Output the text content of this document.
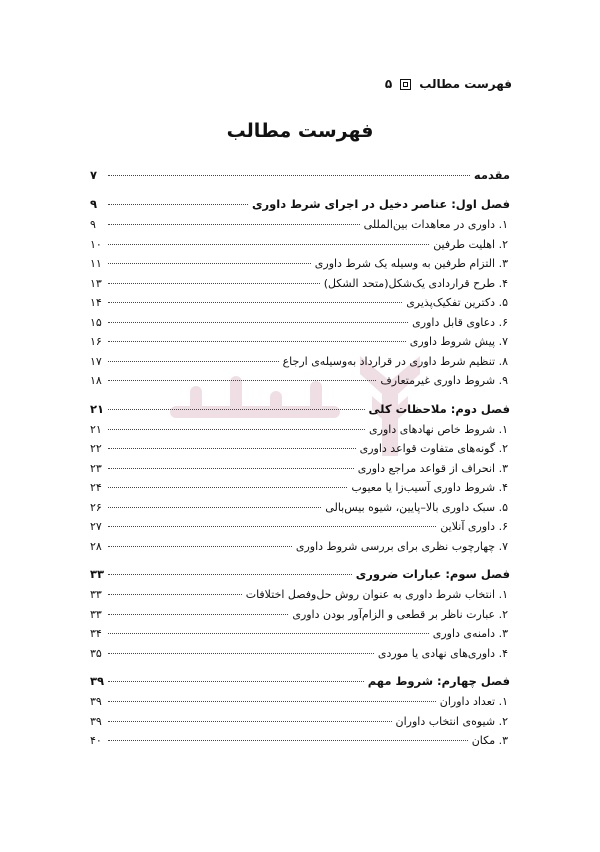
فهرست مطالب
۵
فهرست مطالب
مقدمه
۷
فصل اول: عناصر دخیل در اجرای شرط داوری
۹
۱. داوری در معاهدات بین‌المللی
۹
۲. اهلیت طرفین
۱۰
۳. التزام طرفین به وسیله یک شرط داوری
۱۱
۴. طرح قراردادی یک‌شکل(متحد الشکل)
۱۳
۵. دکترین تفکیک‌پذیری
۱۴
۶. دعاوی قابل داوری
۱۵
۷. پیش شروط داوری
۱۶
۸. تنظیم شرط داوری در قرارداد به‌وسیله‌ی ارجاع
۱۷
۹. شروط داوری غیرمتعارف
۱۸
فصل دوم: ملاحظات کلی
۲۱
۱. شروط خاص نهادهای داوری
۲۱
۲. گونه‌های متفاوت قواعد داوری
۲۲
۳. انحراف از قواعد مراجع داوری
۲۳
۴. شروط داوری آسیب‌زا یا معیوب
۲۴
۵. سبک داوری بالا–پایین، شیوه بیس‌بالی
۲۶
۶. داوری آنلاین
۲۷
۷. چهارچوب نظری برای بررسی شروط داوری
۲۸
فصل سوم: عبارات ضروری
۳۳
۱. انتخاب شرط داوری به عنوان روش حل‌وفصل اختلافات
۳۳
۲. عبارت ناظر بر قطعی و الزام‌آور بودن داوری
۳۳
۳. دامنه‌ی داوری
۳۴
۴. داوری‌های نهادی یا موردی
۳۵
فصل چهارم: شروط مهم
۳۹
۱. تعداد داوران
۳۹
۲. شیوه‌ی انتخاب داوران
۳۹
۳. مکان
۴۰
